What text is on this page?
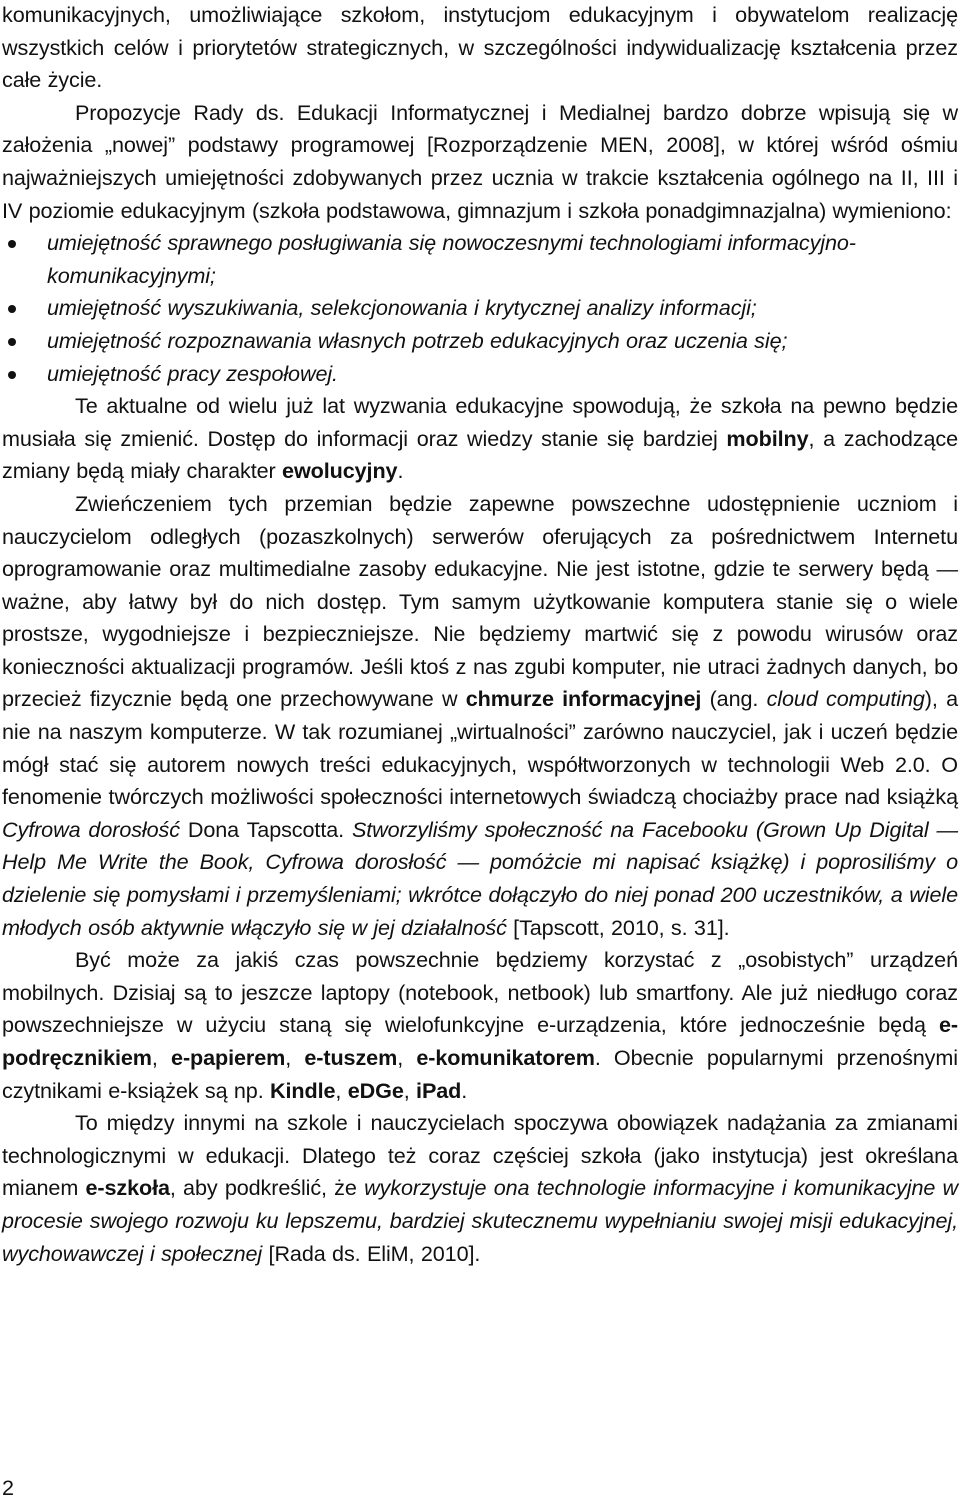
komunikacyjnych, umożliwiające szkołom, instytucjom edukacyjnym i obywatelom realizację wszystkich celów i priorytetów strategicznych, w szczególności indywidualizację kształcenia przez całe życie.

Propozycje Rady ds. Edukacji Informatycznej i Medialnej bardzo dobrze wpisują się w założenia „nowej” podstawy programowej [Rozporządzenie MEN, 2008], w której wśród ośmiu najważniejszych umiejętności zdobywanych przez ucznia w trakcie kształcenia ogólnego na II, III i IV poziomie edukacyjnym (szkoła podstawowa, gimnazjum i szkoła ponadgimnazjalna) wymieniono:

umiejętność sprawnego posługiwania się nowoczesnymi technologiami informacyjno-komunikacyjnymi;
umiejętność wyszukiwania, selekcjonowania i krytycznej analizy informacji;
umiejętność rozpoznawania własnych potrzeb edukacyjnych oraz uczenia się;
umiejętność pracy zespołowej.

Te aktualne od wielu już lat wyzwania edukacyjne spowodują, że szkoła na pewno będzie musiała się zmienić. Dostęp do informacji oraz wiedzy stanie się bardziej mobilny, a zachodzące zmiany będą miały charakter ewolucyjny.

Zwieńczeniem tych przemian będzie zapewne powszechne udostępnienie uczniom i nauczycielom odległych (pozaszkolnych) serwerów oferujących za pośrednictwem Internetu oprogramowanie oraz multimedialne zasoby edukacyjne. Nie jest istotne, gdzie te serwery będą — ważne, aby łatwy był do nich dostęp. Tym samym użytkowanie komputera stanie się o wiele prostsze, wygodniejsze i bezpieczniejsze. Nie będziemy martwić się z powodu wirusów oraz konieczności aktualizacji programów. Jeśli ktoś z nas zgubi komputer, nie utraci żadnych danych, bo przecież fizycznie będą one przechowywane w chmurze informacyjnej (ang. cloud computing), a nie na naszym komputerze. W tak rozumianej „wirtualności” zarówno nauczyciel, jak i uczeń będzie mógł stać się autorem nowych treści edukacyjnych, współtworzonych w technologii Web 2.0. O fenomenie twórczych możliwości społeczności internetowych świadczą chociażby prace nad książką Cyfrowa dorosłość Dona Tapscotta. Stworzyliśmy społeczność na Facebooku (Grown Up Digital — Help Me Write the Book, Cyfrowa dorosłość — pomóżcie mi napisać książkę) i poprosiliśmy o dzielenie się pomysłami i przemyśleniami; wkrótce dołączyło do niej ponad 200 uczestników, a wiele młodych osób aktywnie włączyło się w jej działalność [Tapscott, 2010, s. 31].

Być może za jakiś czas powszechnie będziemy korzystać z „osobistych” urządzeń mobilnych. Dzisiaj są to jeszcze laptopy (notebook, netbook) lub smartfony. Ale już niedługo coraz powszechniejsze w użyciu staną się wielofunkcyjne e-urządzenia, które jednocześnie będą e-podręcznikiem, e-papierem, e-tuszem, e-komunikatorem. Obecnie popularnymi przenośnymi czytnikami e-książek są np. Kindle, eDGe, iPad.

To między innymi na szkole i nauczycielach spoczywa obowiązek nadążania za zmianami technologicznymi w edukacji. Dlatego też coraz częściej szkoła (jako instytucja) jest określana mianem e-szkoła, aby podkreślić, że wykorzystuje ona technologie informacyjne i komunikacyjne w procesie swojego rozwoju ku lepszemu, bardziej skutecznemu wypełnianiu swojej misji edukacyjnej, wychowawczej i społecznej [Rada ds. EliM, 2010].

2
